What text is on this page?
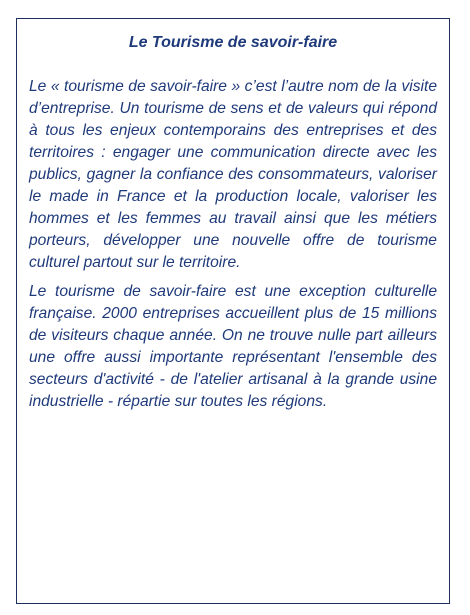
Le Tourisme de savoir-faire

Le « tourisme de savoir-faire » c’est l’autre nom de la visite d’entreprise. Un tourisme de sens et de valeurs qui répond à tous les enjeux contemporains des entreprises et des territoires : engager une communication directe avec les publics, gagner la confiance des consommateurs, valoriser le made in France et la production locale, valoriser les hommes et les femmes au travail ainsi que les métiers porteurs, développer une nouvelle offre de tourisme culturel partout sur le territoire.

Le tourisme de savoir-faire est une exception culturelle française. 2000 entreprises accueillent plus de 15 millions de visiteurs chaque année. On ne trouve nulle part ailleurs une offre aussi importante représentant l'ensemble des secteurs d'activité - de l'atelier artisanal à la grande usine industrielle - répartie sur toutes les régions.
